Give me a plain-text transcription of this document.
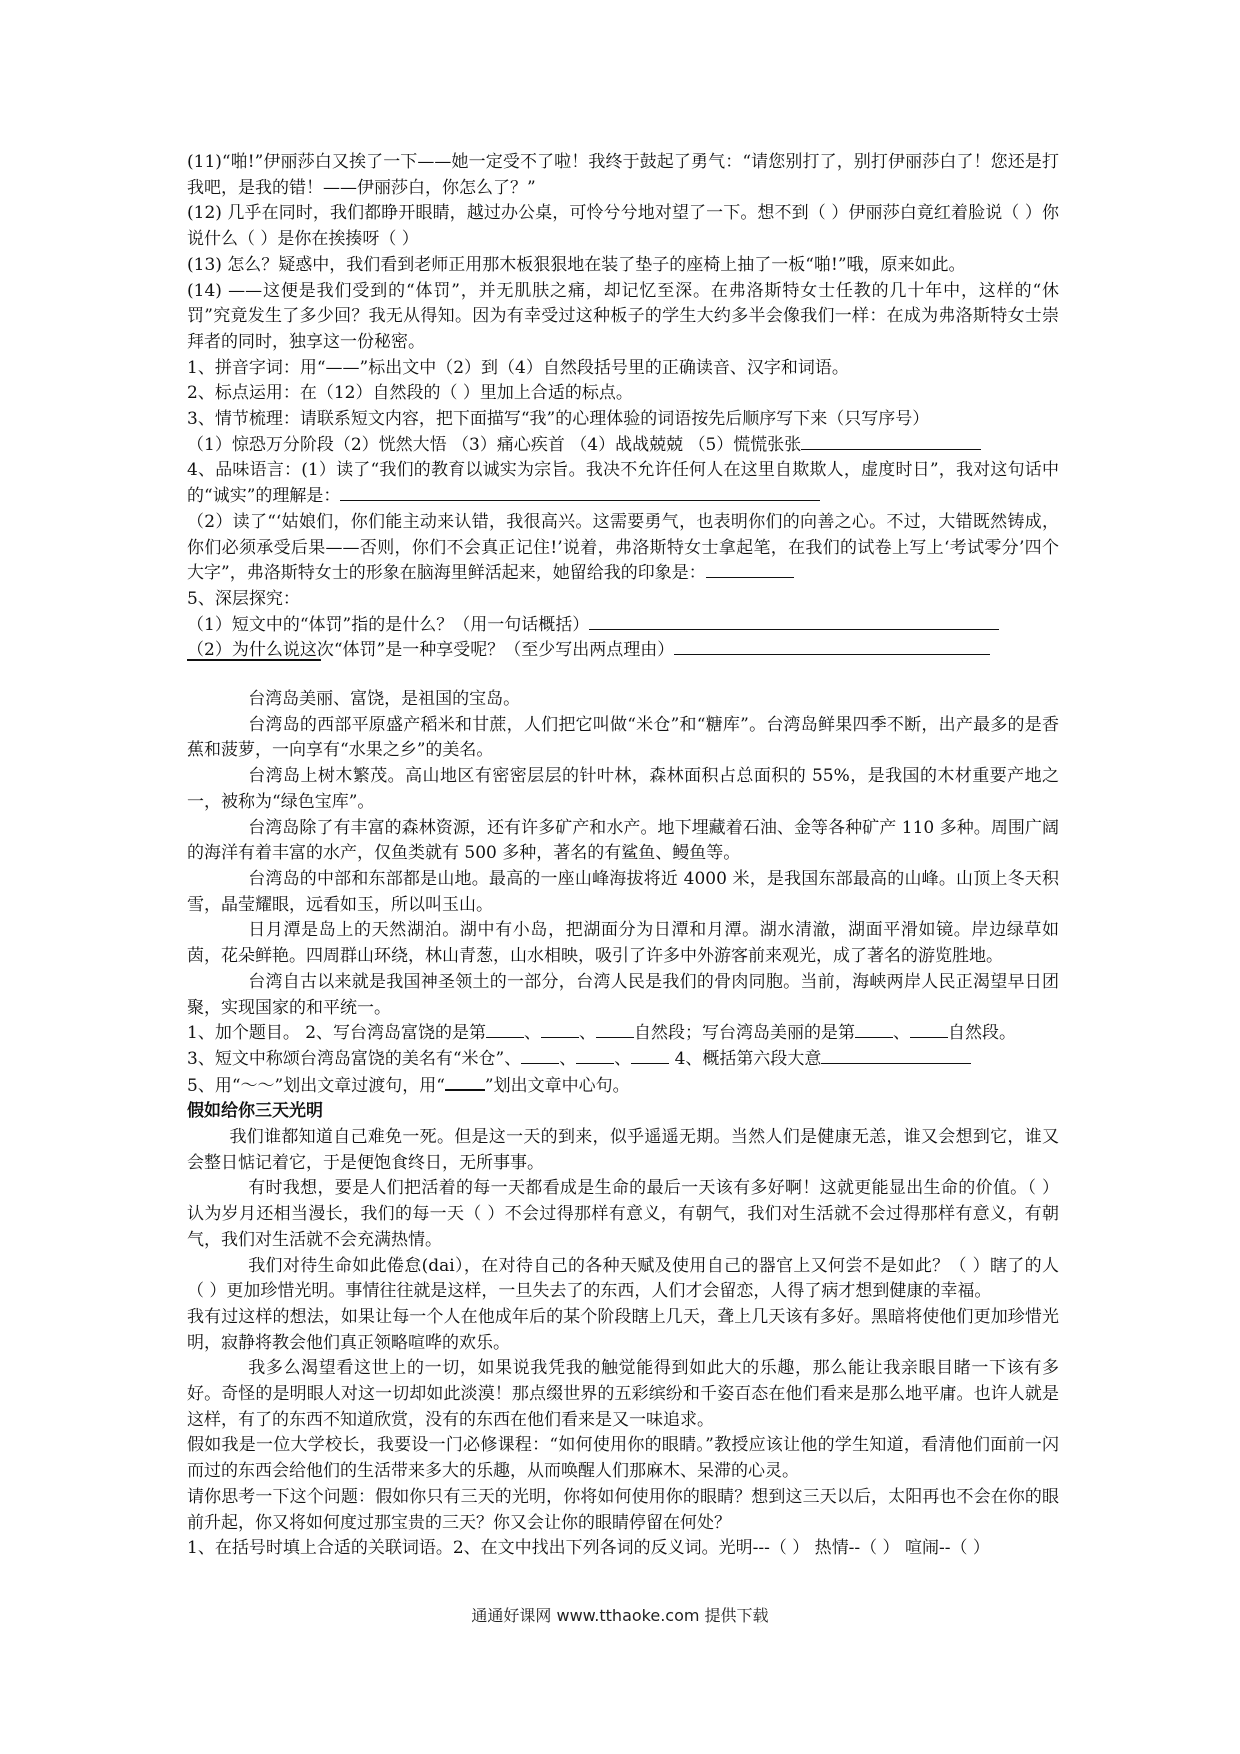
(11)“啪!”伊丽莎白又挨了一下——她一定受不了啦！我终于鼓起了勇气：“请您别打了，别打伊丽莎白了！您还是打我吧，是我的错！——伊丽莎白，你怎么了？”

(12) 几乎在同时，我们都睁开眼睛，越过办公桌，可怜兮兮地对望了一下。想不到（ ）伊丽莎白竟红着脸说（ ）你说什么（ ）是你在挨揍呀（ ）

(13) 怎么？疑惑中，我们看到老师正用那木板狠狠地在装了垫子的座椅上抽了一板“啪!”哦，原来如此。

(14) ——这便是我们受到的“体罚”，并无肌肤之痛，却记忆至深。在弗洛斯特女士任教的几十年中，这样的“休罚”究竟发生了多少回？我无从得知。因为有幸受过这种板子的学生大约多半会像我们一样：在成为弗洛斯特女士崇拜者的同时，独享这一份秘密。

1、拼音字词：用“——”标出文中（2）到（4）自然段括号里的正确读音、汉字和词语。

2、标点运用：在（12）自然段的（ ）里加上合适的标点。

3、情节梳理：请联系短文内容，把下面描写“我”的心理体验的词语按先后顺序写下来（只写序号）

（1）惊恐万分阶段（2）恍然大悟 （3）痛心疾首 （4）战战兢兢 （5）慌慌张张

4、品味语言：(1）读了“我们的教育以诚实为宗旨。我决不允许任何人在这里自欺欺人，虚度时日”，我对这句话中的“诚实”的理解是：

（2）读了“‘姑娘们，你们能主动来认错，我很高兴。这需要勇气，也表明你们的向善之心。不过，大错既然铸成，你们必须承受后果——否则，你们不会真正记住!’说着，弗洛斯特女士拿起笔，在我们的试卷上写上‘考试零分’四个大字”，弗洛斯特女士的形象在脑海里鲜活起来，她留给我的印象是：

5、深层探究：

（1）短文中的“体罚”指的是什么？（用一句话概括）

（2）为什么说这次“体罚”是一种享受呢？（至少写出两点理由）

台湾岛美丽、富饶，是祖国的宝岛。

台湾岛的西部平原盛产稻米和甘蔗，人们把它叫做“米仓”和“糖库”。台湾岛鲜果四季不断，出产最多的是香蕉和菠萝，一向享有“水果之乡”的美名。

台湾岛上树木繁茂。高山地区有密密层层的针叶林，森林面积占总面积的 55%，是我国的木材重要产地之一，被称为“绿色宝库”。

台湾岛除了有丰富的森林资源，还有许多矿产和水产。地下埋藏着石油、金等各种矿产 110 多种。周围广阔的海洋有着丰富的水产，仅鱼类就有 500 多种，著名的有鲨鱼、鳗鱼等。

台湾岛的中部和东部都是山地。最高的一座山峰海拔将近 4000 米，是我国东部最高的山峰。山顶上冬天积雪，晶莹耀眼，远看如玉，所以叫玉山。

日月潭是岛上的天然湖泊。湖中有小岛，把湖面分为日潭和月潭。湖水清澈，湖面平滑如镜。岸边绿草如茵，花朵鲜艳。四周群山环绕，林山青葱，山水相映，吸引了许多中外游客前来观光，成了著名的游览胜地。

台湾自古以来就是我国神圣领土的一部分，台湾人民是我们的骨肉同胞。当前，海峡两岸人民正渴望早日团聚，实现国家的和平统一。

1、加个题目。 2、写台湾岛富饶的是第 、 、 自然段；写台湾岛美丽的是第 、 自然段。

3、短文中称颂台湾岛富饶的美名有“米仓”、 、 、	4、概括第六段大意

5、用“～～”划出文章过渡句，用“ ”划出文章中心句。

假如给你三天光明

我们谁都知道自己难免一死。但是这一天的到来，似乎遥遥无期。当然人们是健康无恙，谁又会想到它，谁又会整日惦记着它，于是便饱食终日，无所事事。

有时我想，要是人们把活着的每一天都看成是生命的最后一天该有多好啊！这就更能显出生命的价值。（ ）认为岁月还相当漫长，我们的每一天（ ）不会过得那样有意义，有朝气，我们对生活就不会过得那样有意义，有朝气，我们对生活就不会充满热情。

我们对待生命如此倦怠(dai），在对待自己的各种天赋及使用自己的器官上又何尝不是如此？（ ）瞎了的人（ ）更加珍惜光明。事情往往就是这样，一旦失去了的东西，人们才会留恋，人得了病才想到健康的幸福。

我有过这样的想法，如果让每一个人在他成年后的某个阶段瞎上几天，聋上几天该有多好。黑暗将使他们更加珍惜光明，寂静将教会他们真正领略喧哗的欢乐。

我多么渴望看这世上的一切，如果说我凭我的触觉能得到如此大的乐趣，那么能让我亲眼目睹一下该有多好。奇怪的是明眼人对这一切却如此淡漠！那点缀世界的五彩缤纷和千姿百态在他们看来是那么地平庸。也许人就是这样，有了的东西不知道欣赏，没有的东西在他们看来是又一味追求。

假如我是一位大学校长，我要设一门必修课程：“如何使用你的眼睛。”教授应该让他的学生知道，看清他们面前一闪而过的东西会给他们的生活带来多大的乐趣，从而唤醒人们那麻木、呆滞的心灵。

请你思考一下这个问题：假如你只有三天的光明，你将如何使用你的眼睛？想到这三天以后，太阳再也不会在你的眼前升起，你又将如何度过那宝贵的三天？你又会让你的眼睛停留在何处？

1、在括号时填上合适的关联词语。2、在文中找出下列各词的反义词。光明---（ ） 热情--（ ） 喧闹--（ ）

通通好课网 www.tthaoke.com 提供下载
